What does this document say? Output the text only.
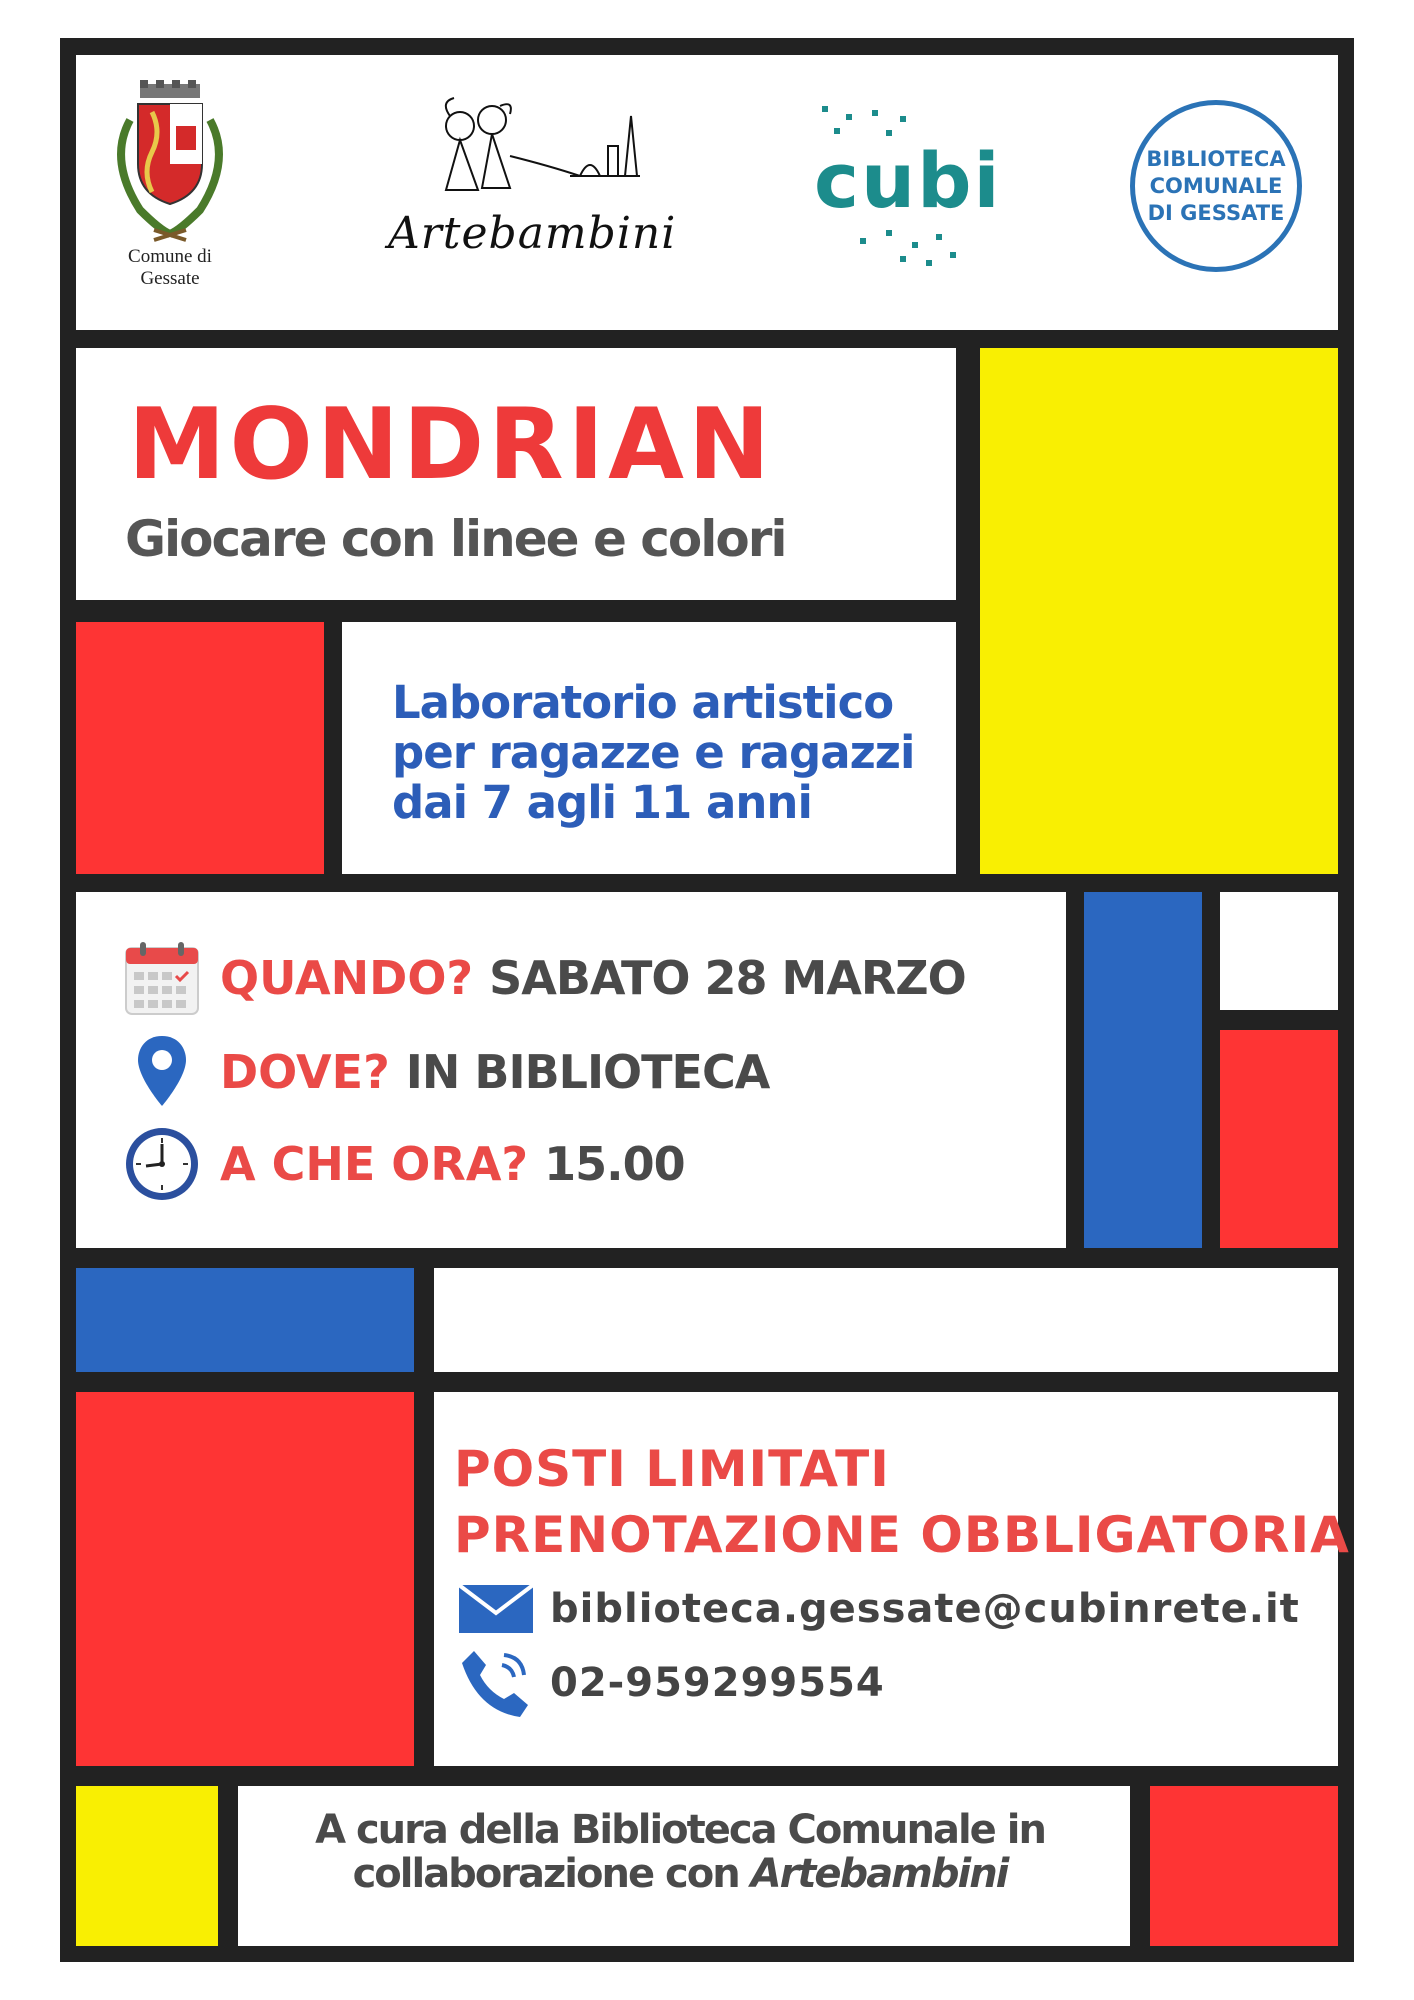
Comune di
Gessate
Artebambini
cubi	BIBLIOTECA
COMUNALE
DI GESSATE
MONDRIAN
Giocare con linee e colori
Laboratorio artistico
per ragazze e ragazzi
dai 7 agli 11 anni
QUANDO? SABATO 28 MARZO
DOVE? IN BIBLIOTECA
A CHE ORA? 15.00
POSTI LIMITATI
PRENOTAZIONE OBBLIGATORIA
biblioteca.gessate@cubinrete.it
02-959299554
A cura della Biblioteca Comunale in
collaborazione con Artebambini
